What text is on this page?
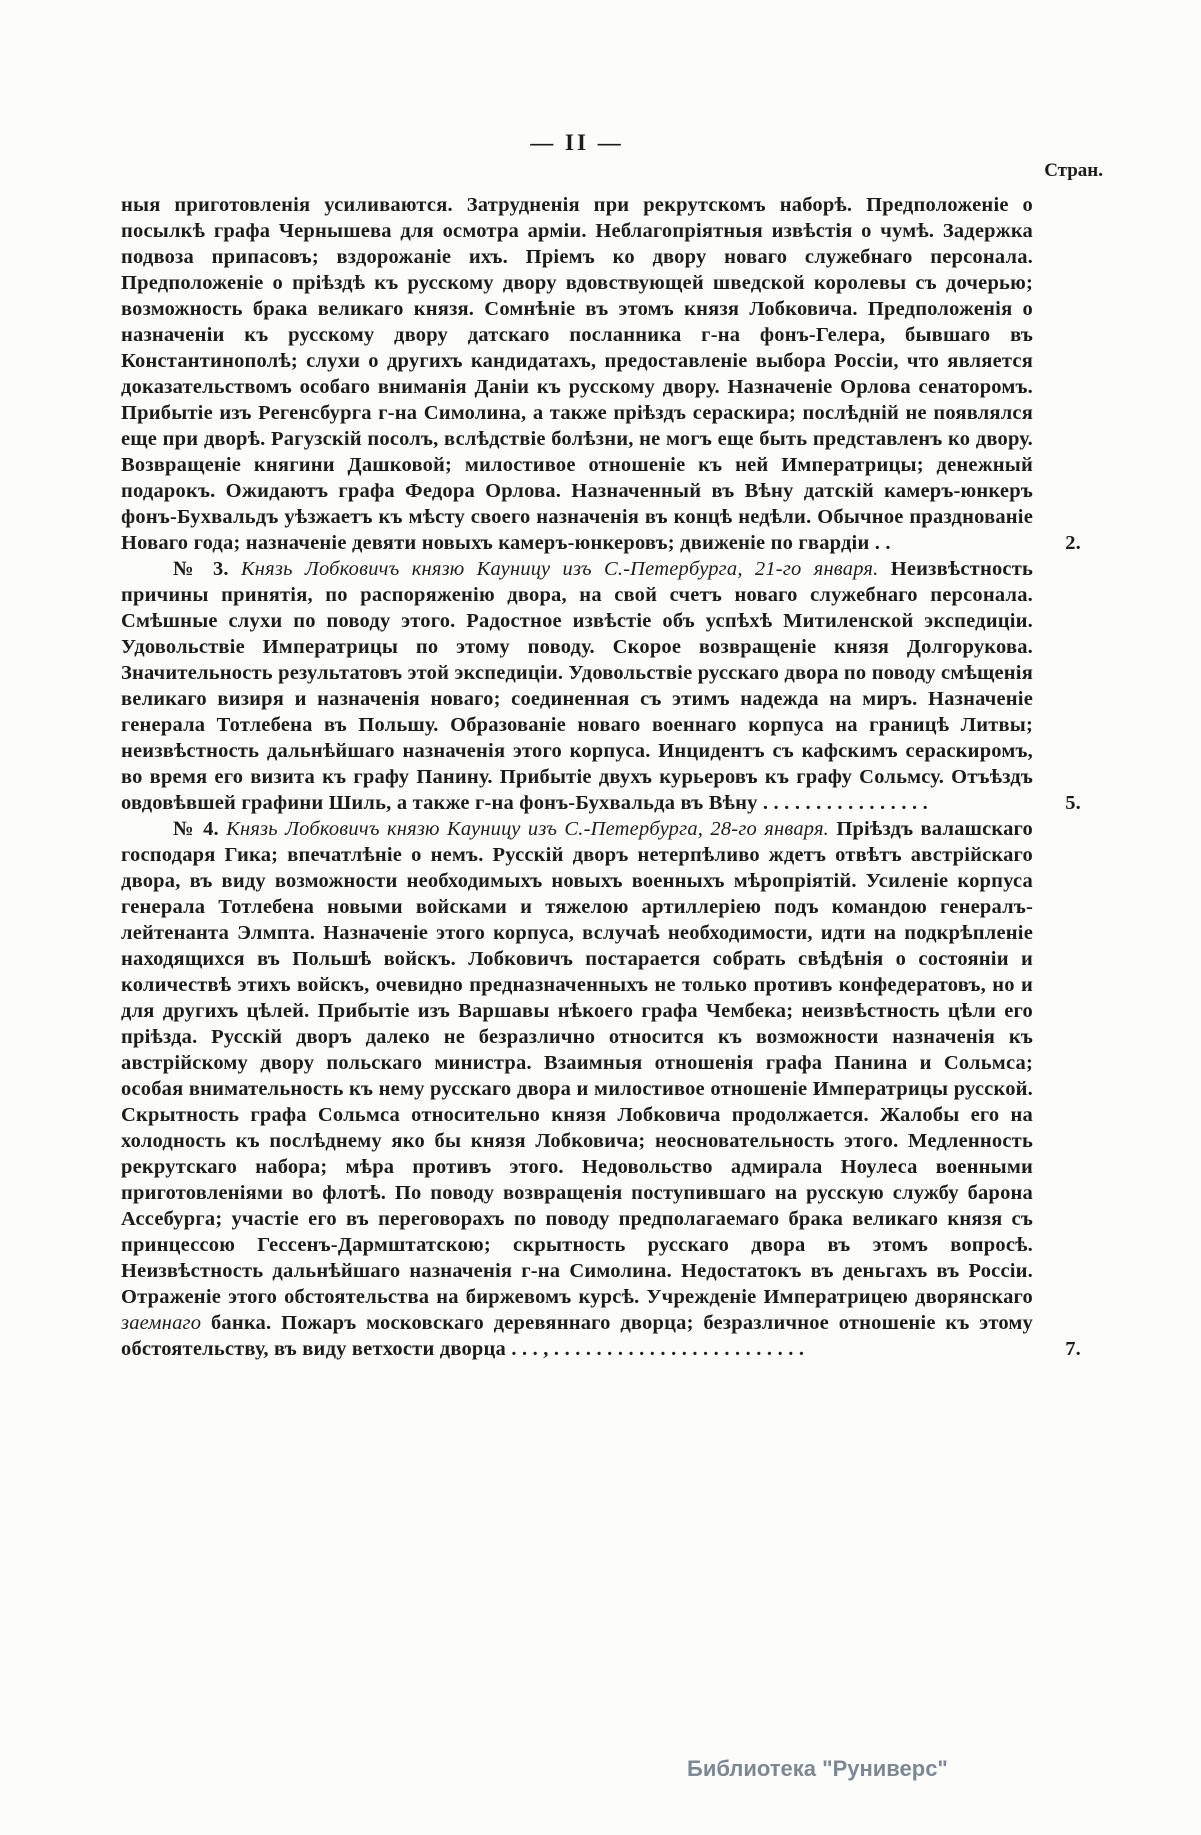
— II —
Стран.

ныя приготовленія усиливаются. Затрудненія при рекрутскомъ наборѣ. Предположеніе о посылкѣ графа Чернышева для осмотра арміи. Неблагопріятныя извѣстія о чумѣ. Задержка подвоза припасовъ; вздорожаніе ихъ. Пріемъ ко двору новаго служебнаго персонала. Предположеніе о пріѣздѣ къ русскому двору вдовствующей шведской королевы съ дочерью; возможность брака великаго князя. Сомнѣніе въ этомъ князя Лобковича. Предположенія о назначеніи къ русскому двору датскаго посланника г-на фонъ-Гелера, бывшаго въ Константинополѣ; слухи о другихъ кандидатахъ, предоставленіе выбора Россіи, что является доказательствомъ особаго вниманія Даніи къ русскому двору. Назначеніе Орлова сенаторомъ. Прибытіе изъ Регенсбурга г-на Симолина, а также пріѣздъ сераскира; послѣдній не появлялся еще при дворѣ. Рагузскій посолъ, вслѣдствіе болѣзни, не могъ еще быть представленъ ко двору. Возвращеніе княгини Дашковой; милостивое отношеніе къ ней Императрицы; денежный подарокъ. Ожидаютъ графа Федора Орлова. Назначенный въ Вѣну датскій камеръ-юнкеръ фонъ-Бухвальдъ уѣзжаетъ къ мѣсту своего назначенія въ концѣ недѣли. Обычное празднованіе Новаго года; назначеніе девяти новыхъ камеръ-юнкеровъ; движеніе по гвардіи . .	2.

№ 3. Князь Лобковичъ князю Кауницу изъ С.-Петербурга, 21-го января. Неизвѣстность причины принятія, по распоряженію двора, на свой счетъ новаго служебнаго персонала. Смѣшные слухи по поводу этого. Радостное извѣстіе объ успѣхѣ Митиленской экспедиціи. Удовольствіе Императрицы по этому поводу. Скорое возвращеніе князя Долгорукова. Значительность результатовъ этой экспедиціи. Удовольствіе русскаго двора по поводу смѣщенія великаго визиря и назначенія новаго; соединенная съ этимъ надежда на миръ. Назначеніе генерала Тотлебена въ Польшу. Образованіе новаго военнаго корпуса на границѣ Литвы; неизвѣстность дальнѣйшаго назначенія этого корпуса. Инцидентъ съ кафскимъ сераскиромъ, во время его визита къ графу Панину. Прибытіе двухъ курьеровъ къ графу Сольмсу. Отъѣздъ овдовѣвшей графини Шиль, а также г-на фонъ-Бухвальда въ Вѣну . . . . . . . . . . . . . . . .	5.

№ 4. Князь Лобковичъ князю Кауницу изъ С.-Петербурга, 28-го января. Пріѣздъ валашскаго господаря Гика; впечатлѣніе о немъ. Русскій дворъ нетерпѣливо ждетъ отвѣтъ австрійскаго двора, въ виду возможности необходимыхъ новыхъ военныхъ мѣропріятій. Усиленіе корпуса генерала Тотлебена новыми войсками и тяжелою артиллеріею подъ командою генералъ-лейтенанта Элмпта. Назначеніе этого корпуса, вслучаѣ необходимости, идти на подкрѣпленіе находящихся въ Польшѣ войскъ. Лобковичъ постарается собрать свѣдѣнія о состояніи и количествѣ этихъ войскъ, очевидно предназначенныхъ не только противъ конфедератовъ, но и для другихъ цѣлей. Прибытіе изъ Варшавы нѣкоего графа Чембека; неизвѣстность цѣли его пріѣзда. Русскій дворъ далеко не безразлично относится къ возможности назначенія къ австрійскому двору польскаго министра. Взаимныя отношенія графа Панина и Сольмса; особая внимательность къ нему русскаго двора и милостивое отношеніе Императрицы русской. Скрытность графа Сольмса относительно князя Лобковича продолжается. Жалобы его на холодность къ послѣднему яко бы князя Лобковича; неосновательность этого. Медленность рекрутскаго набора; мѣра противъ этого. Недовольство адмирала Ноулеса военными приготовленіями во флотѣ. По поводу возвращенія поступившаго на русскую службу барона Ассебурга; участіе его въ переговорахъ по поводу предполагаемаго брака великаго князя съ принцессою Гессенъ-Дармштатскою; скрытность русскаго двора въ этомъ вопросѣ. Неизвѣстность дальнѣйшаго назначенія г-на Симолина. Недостатокъ въ деньгахъ въ Россіи. Отраженіе этого обстоятельства на биржевомъ курсѣ. Учрежденіе Императрицею дворянскаго заемнаго банка. Пожаръ московскаго деревяннаго дворца; безразличное отношеніе къ этому обстоятельству, въ виду ветхости дворца . . . , . . . . . . . . . . . . . . . . . . . . . . . .	7.

Библиотека "Руниверс"
